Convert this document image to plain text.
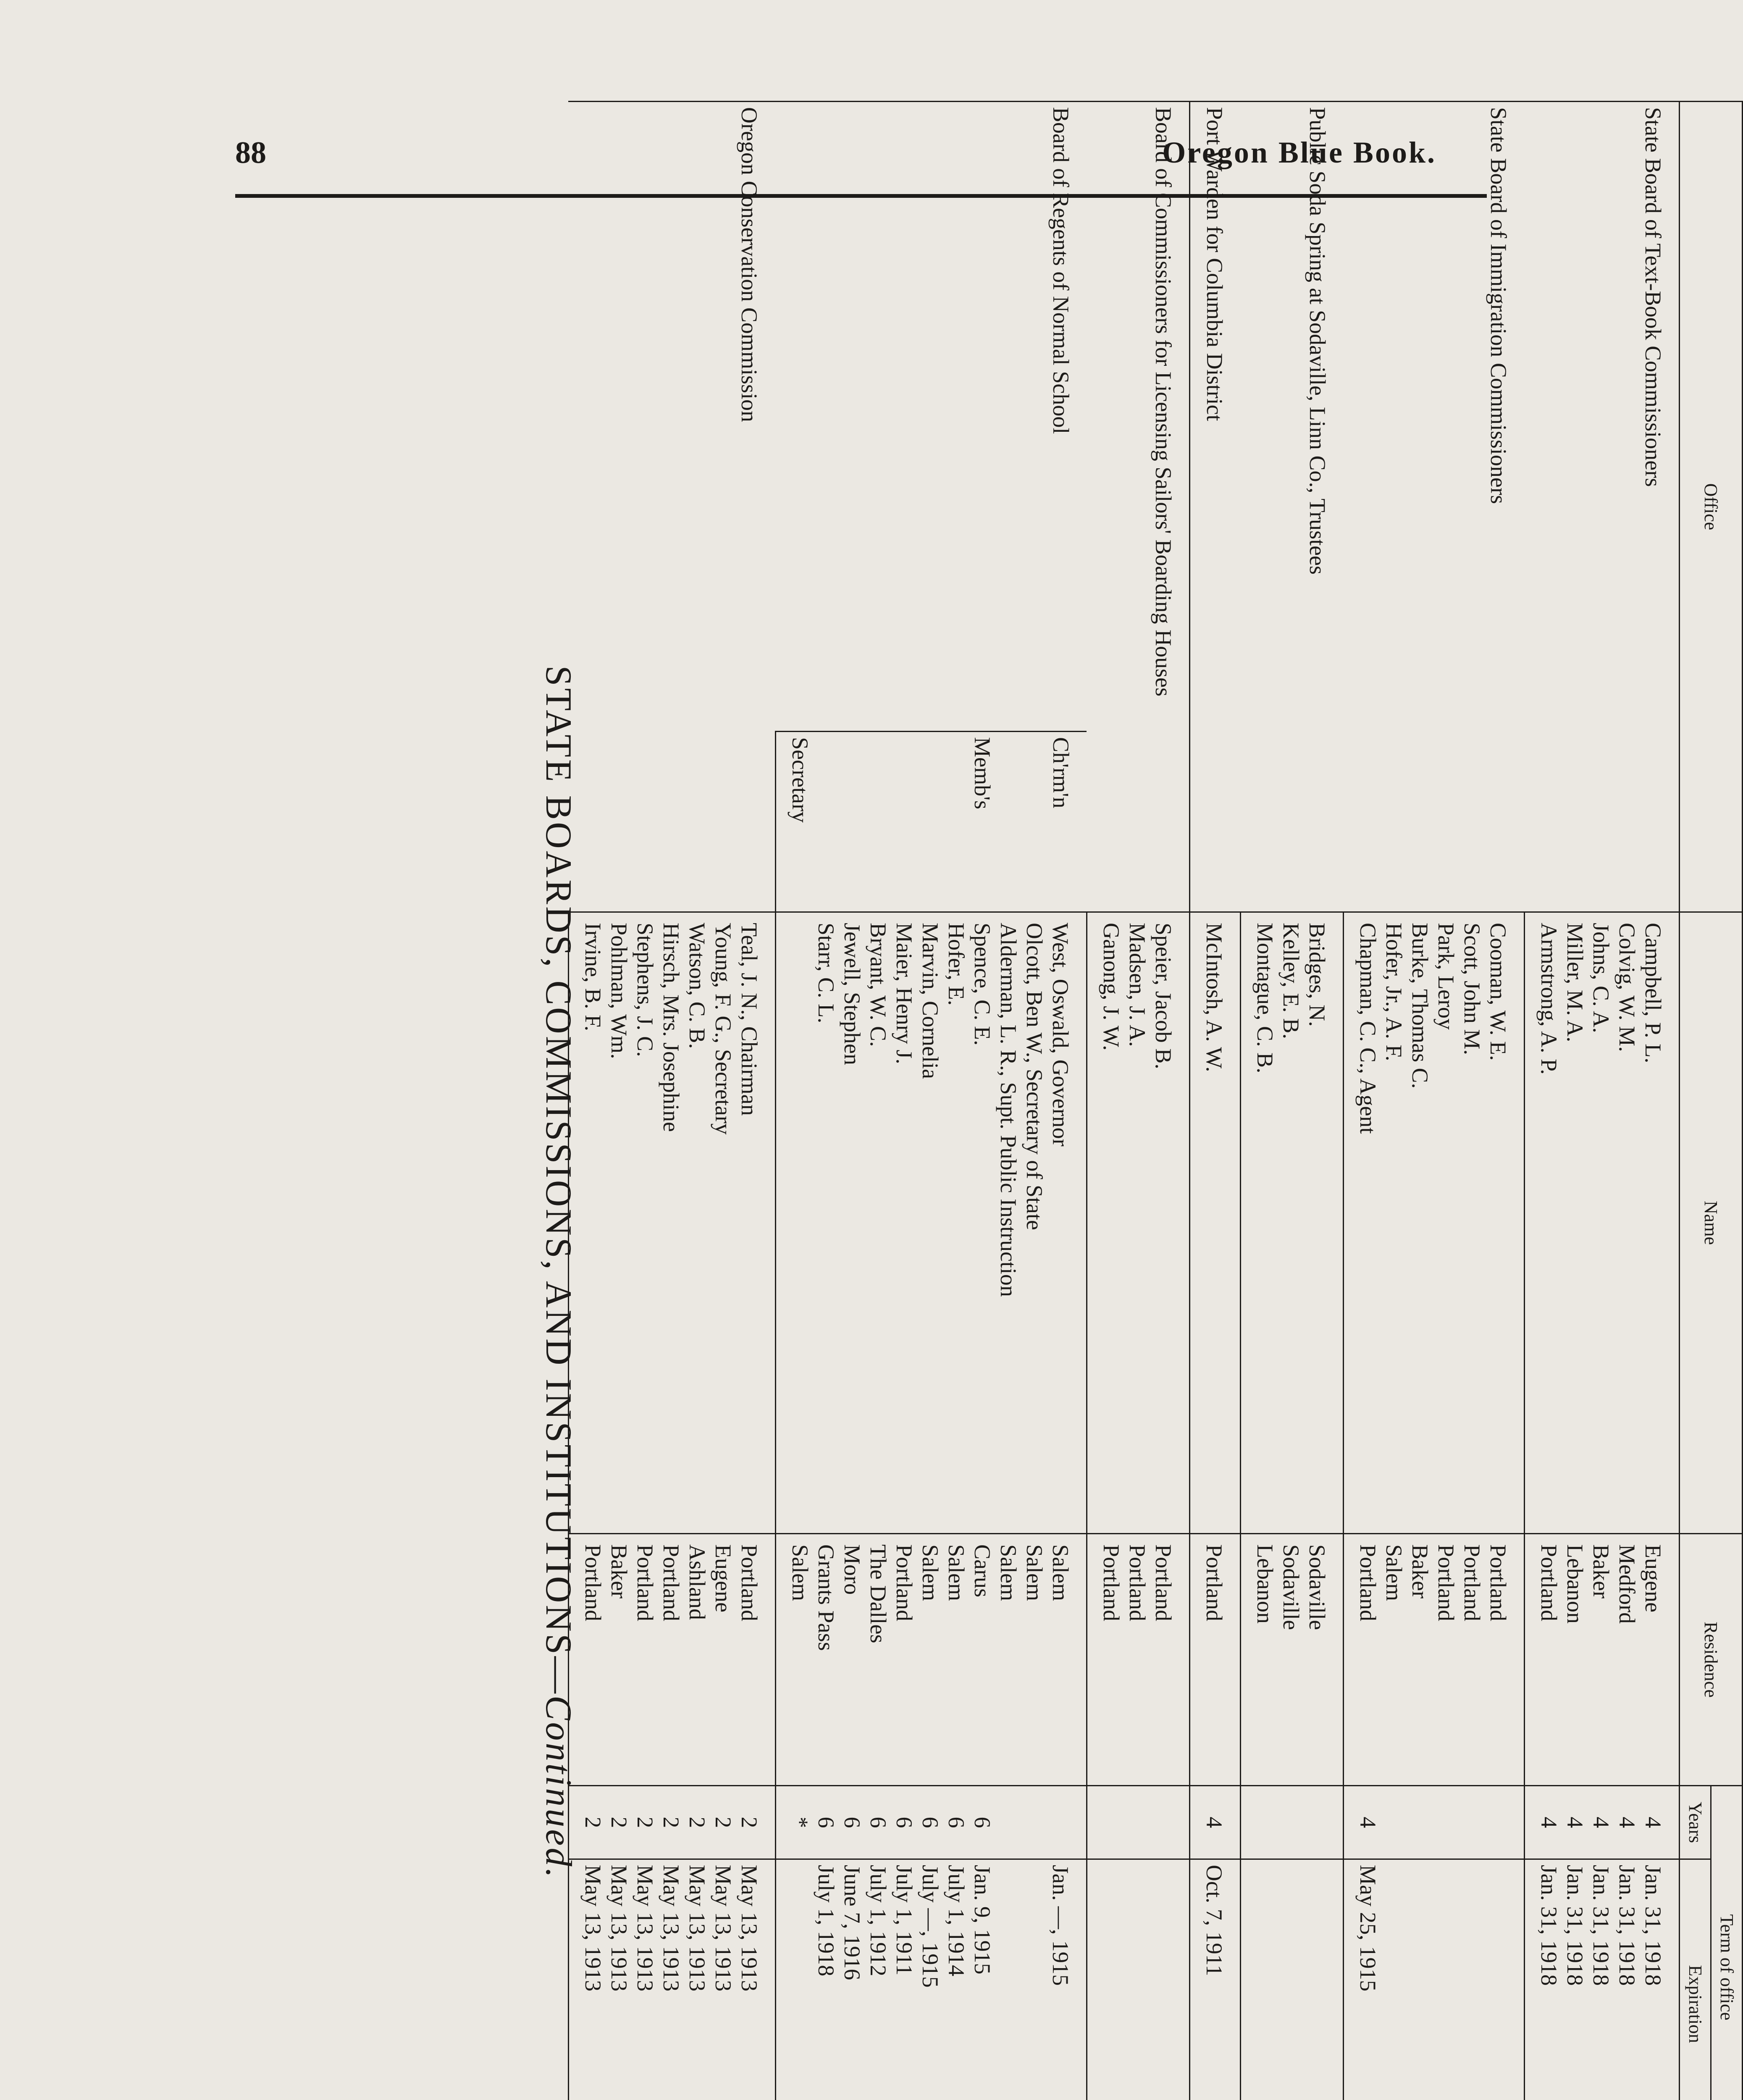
88	Oregon Blue Book.
Office		Name	Residence	Term of office	
				Years	Expiration	
State Board of Text-Book Commissioners		Campbell, P. L.	Eugene	4	Jan. 31, 1918	
		Colvig, W. M.	Medford	4	Jan. 31, 1918	
		Johns, C. A.	Baker	4	Jan. 31, 1918	
		Miller, M. A.	Lebanon	4	Jan. 31, 1918	
		Armstrong, A. P.	Portland	4	Jan. 31, 1918	
State Board of Immigration Commissioners		Cooman, W. E.	Portland			
		Scott, John M.	Portland			
		Park, Leroy	Portland			
		Burke, Thomas C.	Baker			
		Hofer, Jr., A. F.	Salem			
		Chapman, C. C., Agent	Portland	4	May 25, 1915	
Public Soda Spring at Sodaville, Linn Co., Trustees		Bridges, N.	Sodaville			
		Kelley, E. B.	Sodaville			
		Montague, C. B.	Lebanon			
Port Warden for Columbia District		McIntosh, A. W.	Portland	4	Oct. 7, 1911	
Board of Commissioners for Licensing Sailors' Boarding Houses		Speier, Jacob B.	Portland			
		Madsen, J. A.	Portland			
		Ganong, J. W.	Portland			
Board of Regents of Normal School	Ch'rm'n	West, Oswald, Governor	Salem		Jan. —, 1915	
		Olcott, Ben W., Secretary of State	Salem			
		Alderman, L. R., Supt. Public Instruction	Salem			
	Memb's	Spence, C. E.	Carus	6	Jan. 9, 1915	
		Hofer, E.	Salem	6	July 1, 1914	
		Marvin, Cornelia	Salem	6	July —, 1915	
		Maier, Henry J.	Portland	6	July 1, 1911	
		Bryant, W. C.	The Dalles	6	July 1, 1912	
		Jewell, Stephen	Moro	6	June 7, 1916	
		Starr, C. L.	Grants Pass	6	July 1, 1918	
	Secretary		Salem	*		
Oregon Conservation Commission		Teal, J. N., Chairman	Portland	2	May 13, 1913	
		Young, F. G., Secretary	Eugene	2	May 13, 1913	
		Watson, C. B.	Ashland	2	May 13, 1913	
		Hirsch, Mrs. Josephine	Portland	2	May 13, 1913	
		Stephens, J. C.	Portland	2	May 13, 1913	
		Pohlman, Wm.	Baker	2	May 13, 1913	
		Irvine, B. F.	Portland	2	May 13, 1913	
STATE BOARDS, COMMISSIONS, AND INSTITUTIONS—Continued.
